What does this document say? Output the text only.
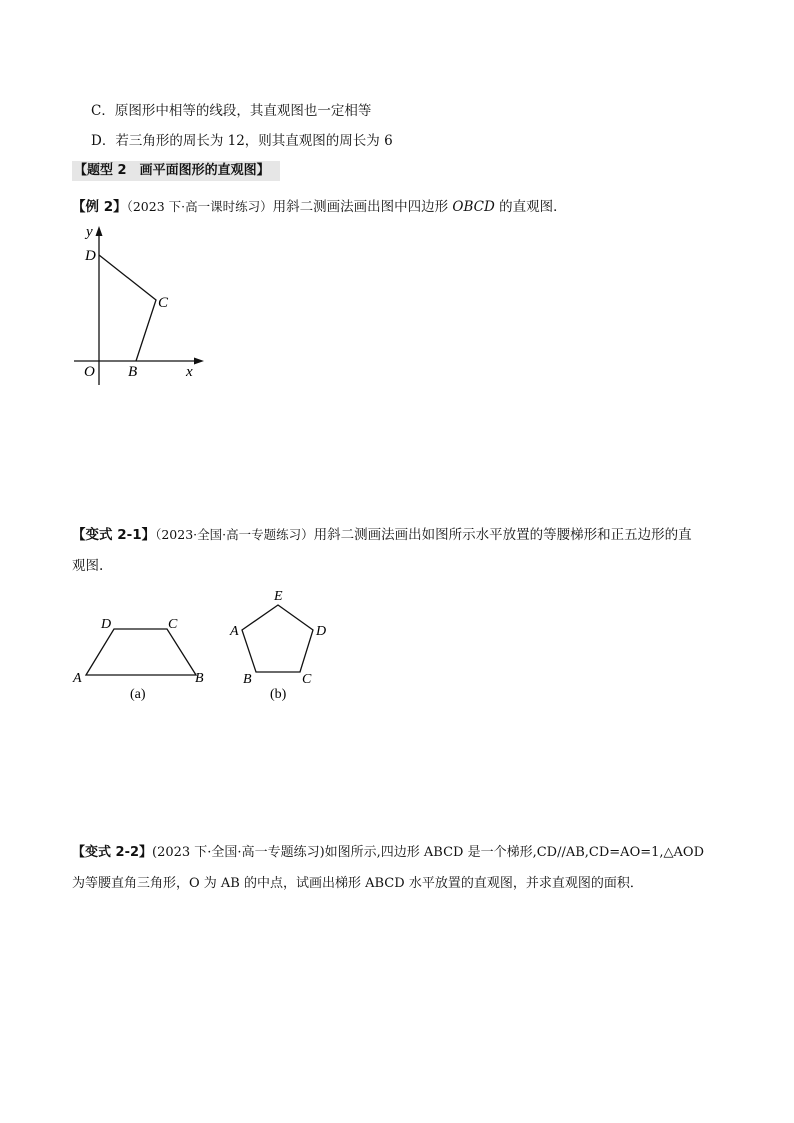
C．原图形中相等的线段，其直观图也一定相等
D．若三角形的周长为 12，则其直观图的周长为 6
【题型 2　画平面图形的直观图】
【例 2】（2023 下·高一课时练习）用斜二测画法画出图中四边形 OBCD 的直观图．
y
x
O B
C
D
A	B
C
D
(a)
E
D
C
B
A
(b)
【变式 2-1】（2023·全国·高一专题练习）用斜二测画法画出如图所示水平放置的等腰梯形和正五边形的直
观图.
【变式 2-2】(2023 下·全国·高一专题练习)如图所示,四边形 ABCD 是一个梯形,CD//AB,CD=AO=1,△AOD
为等腰直角三角形，O 为 AB 的中点，试画出梯形 ABCD 水平放置的直观图，并求直观图的面积．
